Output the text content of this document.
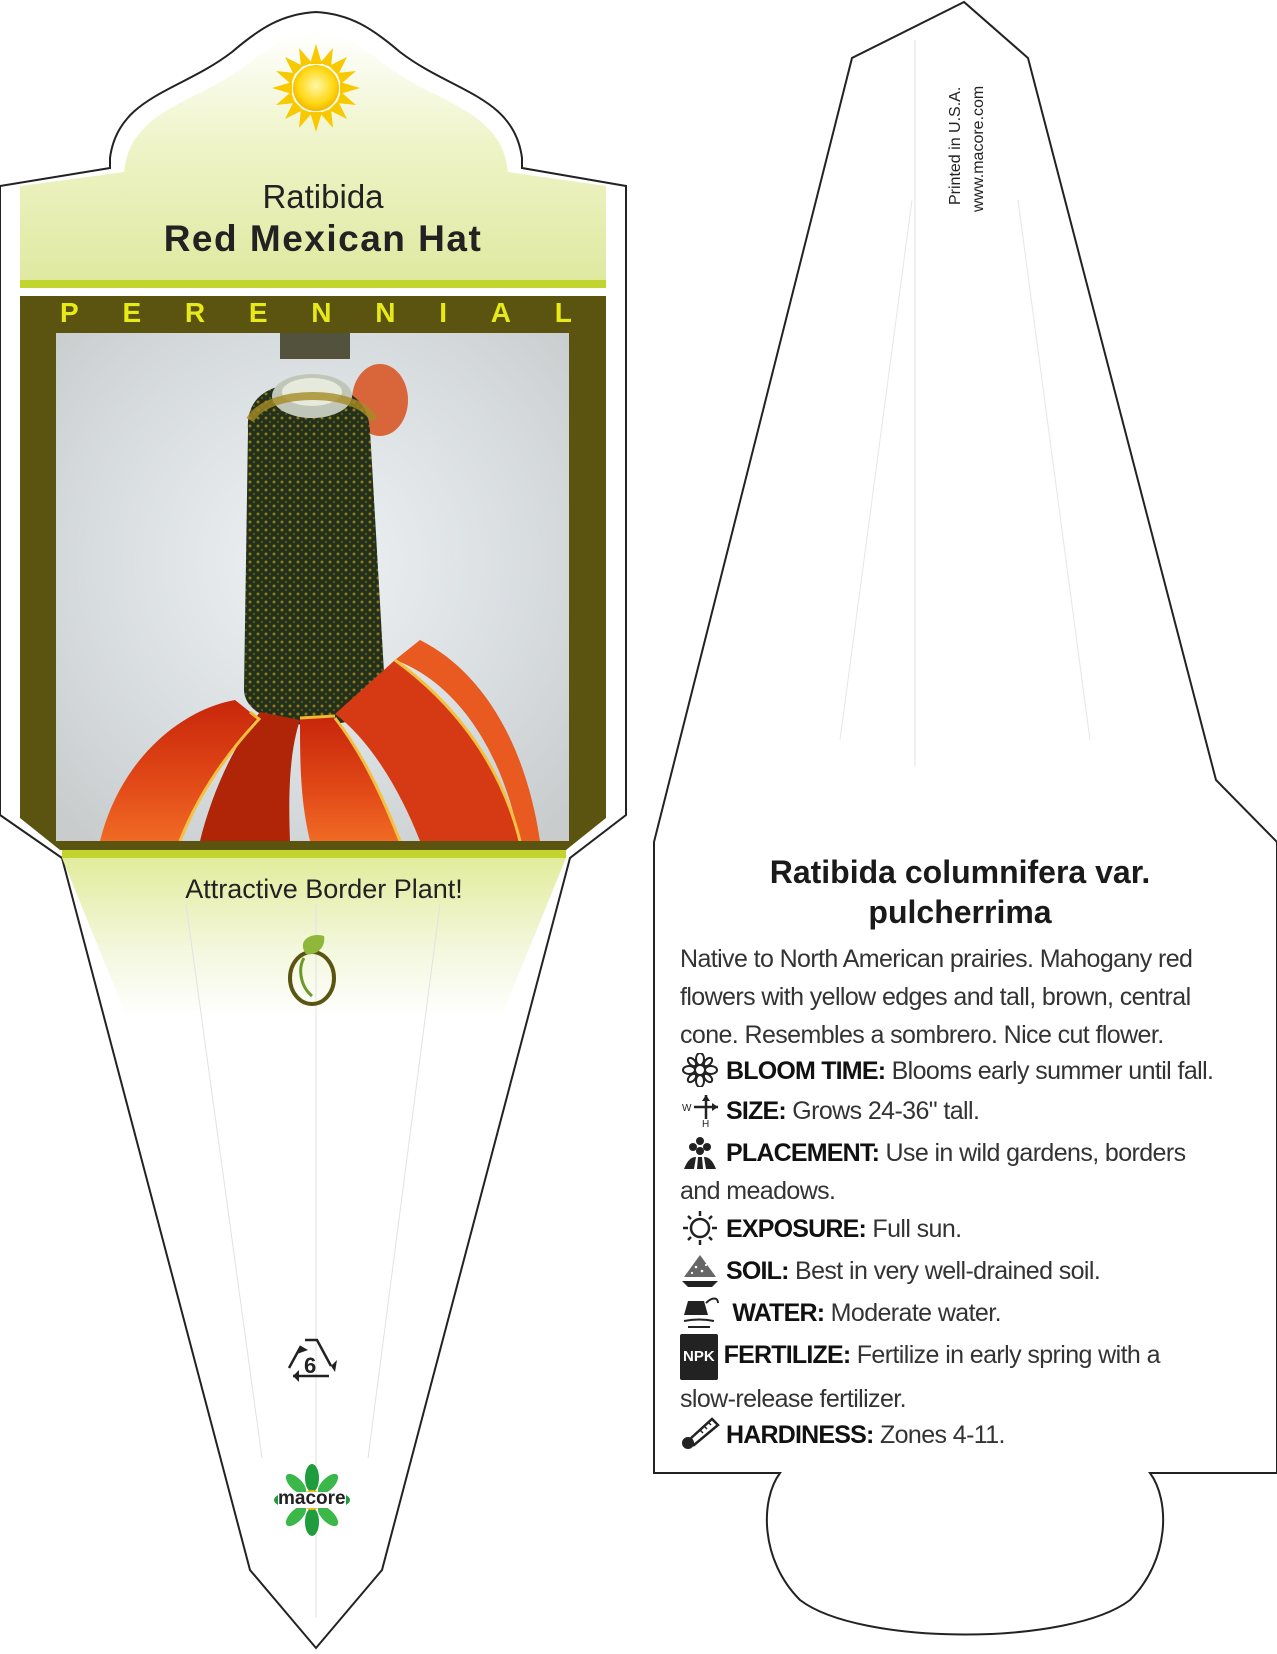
Ratibida
Red Mexican Hat
P E R E N N I A L
Attractive Border Plant!
6
macore
Printed in U.S.A. www.macore.com
Ratibida columnifera var.
pulcherrima
Native to North American prairies. Mahogany red flowers with yellow edges and tall, brown, central cone. Resembles a sombrero. Nice cut flower.
BLOOM TIME: Blooms early summer until fall.
W
H SIZE: Grows 24-36" tall.
PLACEMENT: Use in wild gardens, borders and meadows.
EXPOSURE: Full sun.
SOIL: Best in very well-drained soil.
WATER: Moderate water.
NPK FERTILIZE: Fertilize in early spring with a slow-release fertilizer.
HARDINESS: Zones 4-11.
